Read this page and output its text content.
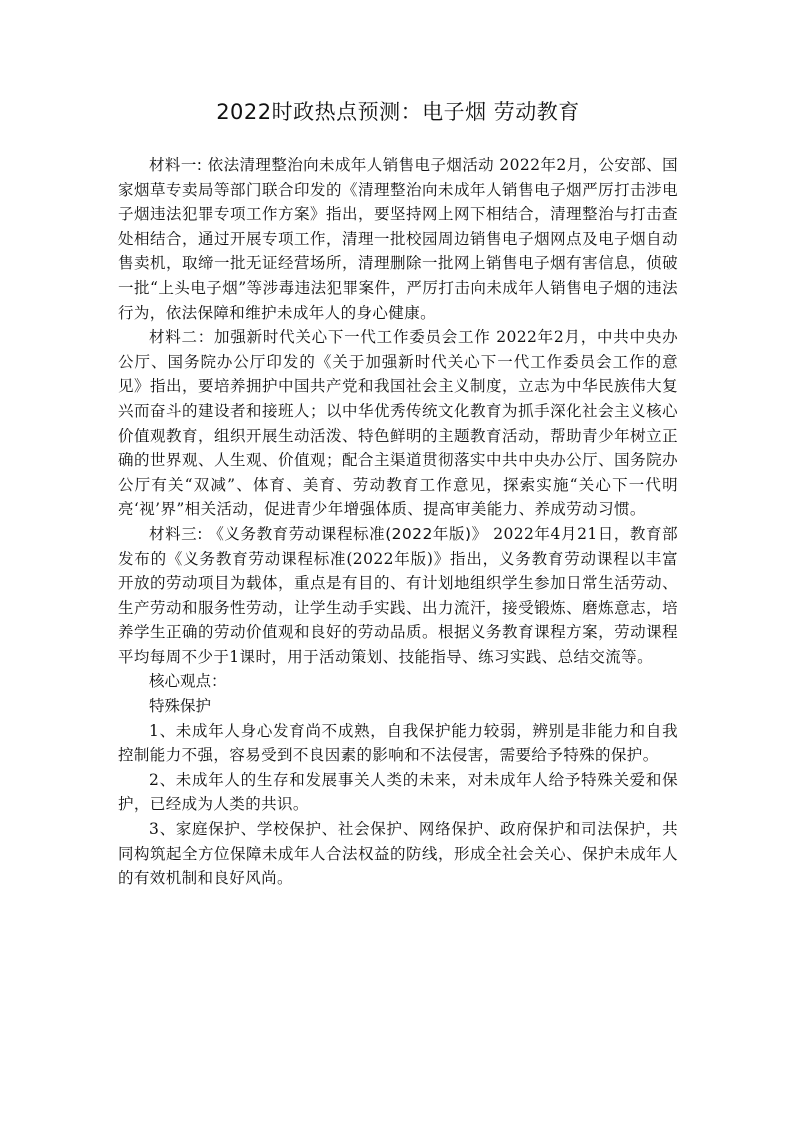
2022时政热点预测：电子烟 劳动教育

材料一: 依法清理整治向未成年人销售电子烟活动 2022年2月，公安部、国家烟草专卖局等部门联合印发的《清理整治向未成年人销售电子烟严厉打击涉电子烟违法犯罪专项工作方案》指出，要坚持网上网下相结合，清理整治与打击查处相结合，通过开展专项工作，清理一批校园周边销售电子烟网点及电子烟自动售卖机，取缔一批无证经营场所，清理删除一批网上销售电子烟有害信息，侦破一批“上头电子烟”等涉毒违法犯罪案件，严厉打击向未成年人销售电子烟的违法行为，依法保障和维护未成年人的身心健康。

材料二：加强新时代关心下一代工作委员会工作 2022年2月，中共中央办公厅、国务院办公厅印发的《关于加强新时代关心下一代工作委员会工作的意见》指出，要培养拥护中国共产党和我国社会主义制度，立志为中华民族伟大复兴而奋斗的建设者和接班人；以中华优秀传统文化教育为抓手深化社会主义核心价值观教育，组织开展生动活泼、特色鲜明的主题教育活动，帮助青少年树立正确的世界观、人生观、价值观；配合主渠道贯彻落实中共中央办公厅、国务院办公厅有关“双减”、体育、美育、劳动教育工作意见，探索实施“关心下一代明亮‘视’界”相关活动，促进青少年增强体质、提高审美能力、养成劳动习惯。

材料三: 《义务教育劳动课程标准(2022年版)》 2022年4月21日，教育部发布的《义务教育劳动课程标准(2022年版)》指出，义务教育劳动课程以丰富开放的劳动项目为载体，重点是有目的、有计划地组织学生参加日常生活劳动、生产劳动和服务性劳动，让学生动手实践、出力流汗，接受锻炼、磨炼意志，培养学生正确的劳动价值观和良好的劳动品质。根据义务教育课程方案，劳动课程平均每周不少于1课时，用于活动策划、技能指导、练习实践、总结交流等。

核心观点：
特殊保护

1、未成年人身心发育尚不成熟，自我保护能力较弱，辨别是非能力和自我控制能力不强，容易受到不良因素的影响和不法侵害，需要给予特殊的保护。

2、未成年人的生存和发展事关人类的未来，对未成年人给予特殊关爱和保护，已经成为人类的共识。

3、家庭保护、学校保护、社会保护、网络保护、政府保护和司法保护，共同构筑起全方位保障未成年人合法权益的防线，形成全社会关心、保护未成年人的有效机制和良好风尚。
